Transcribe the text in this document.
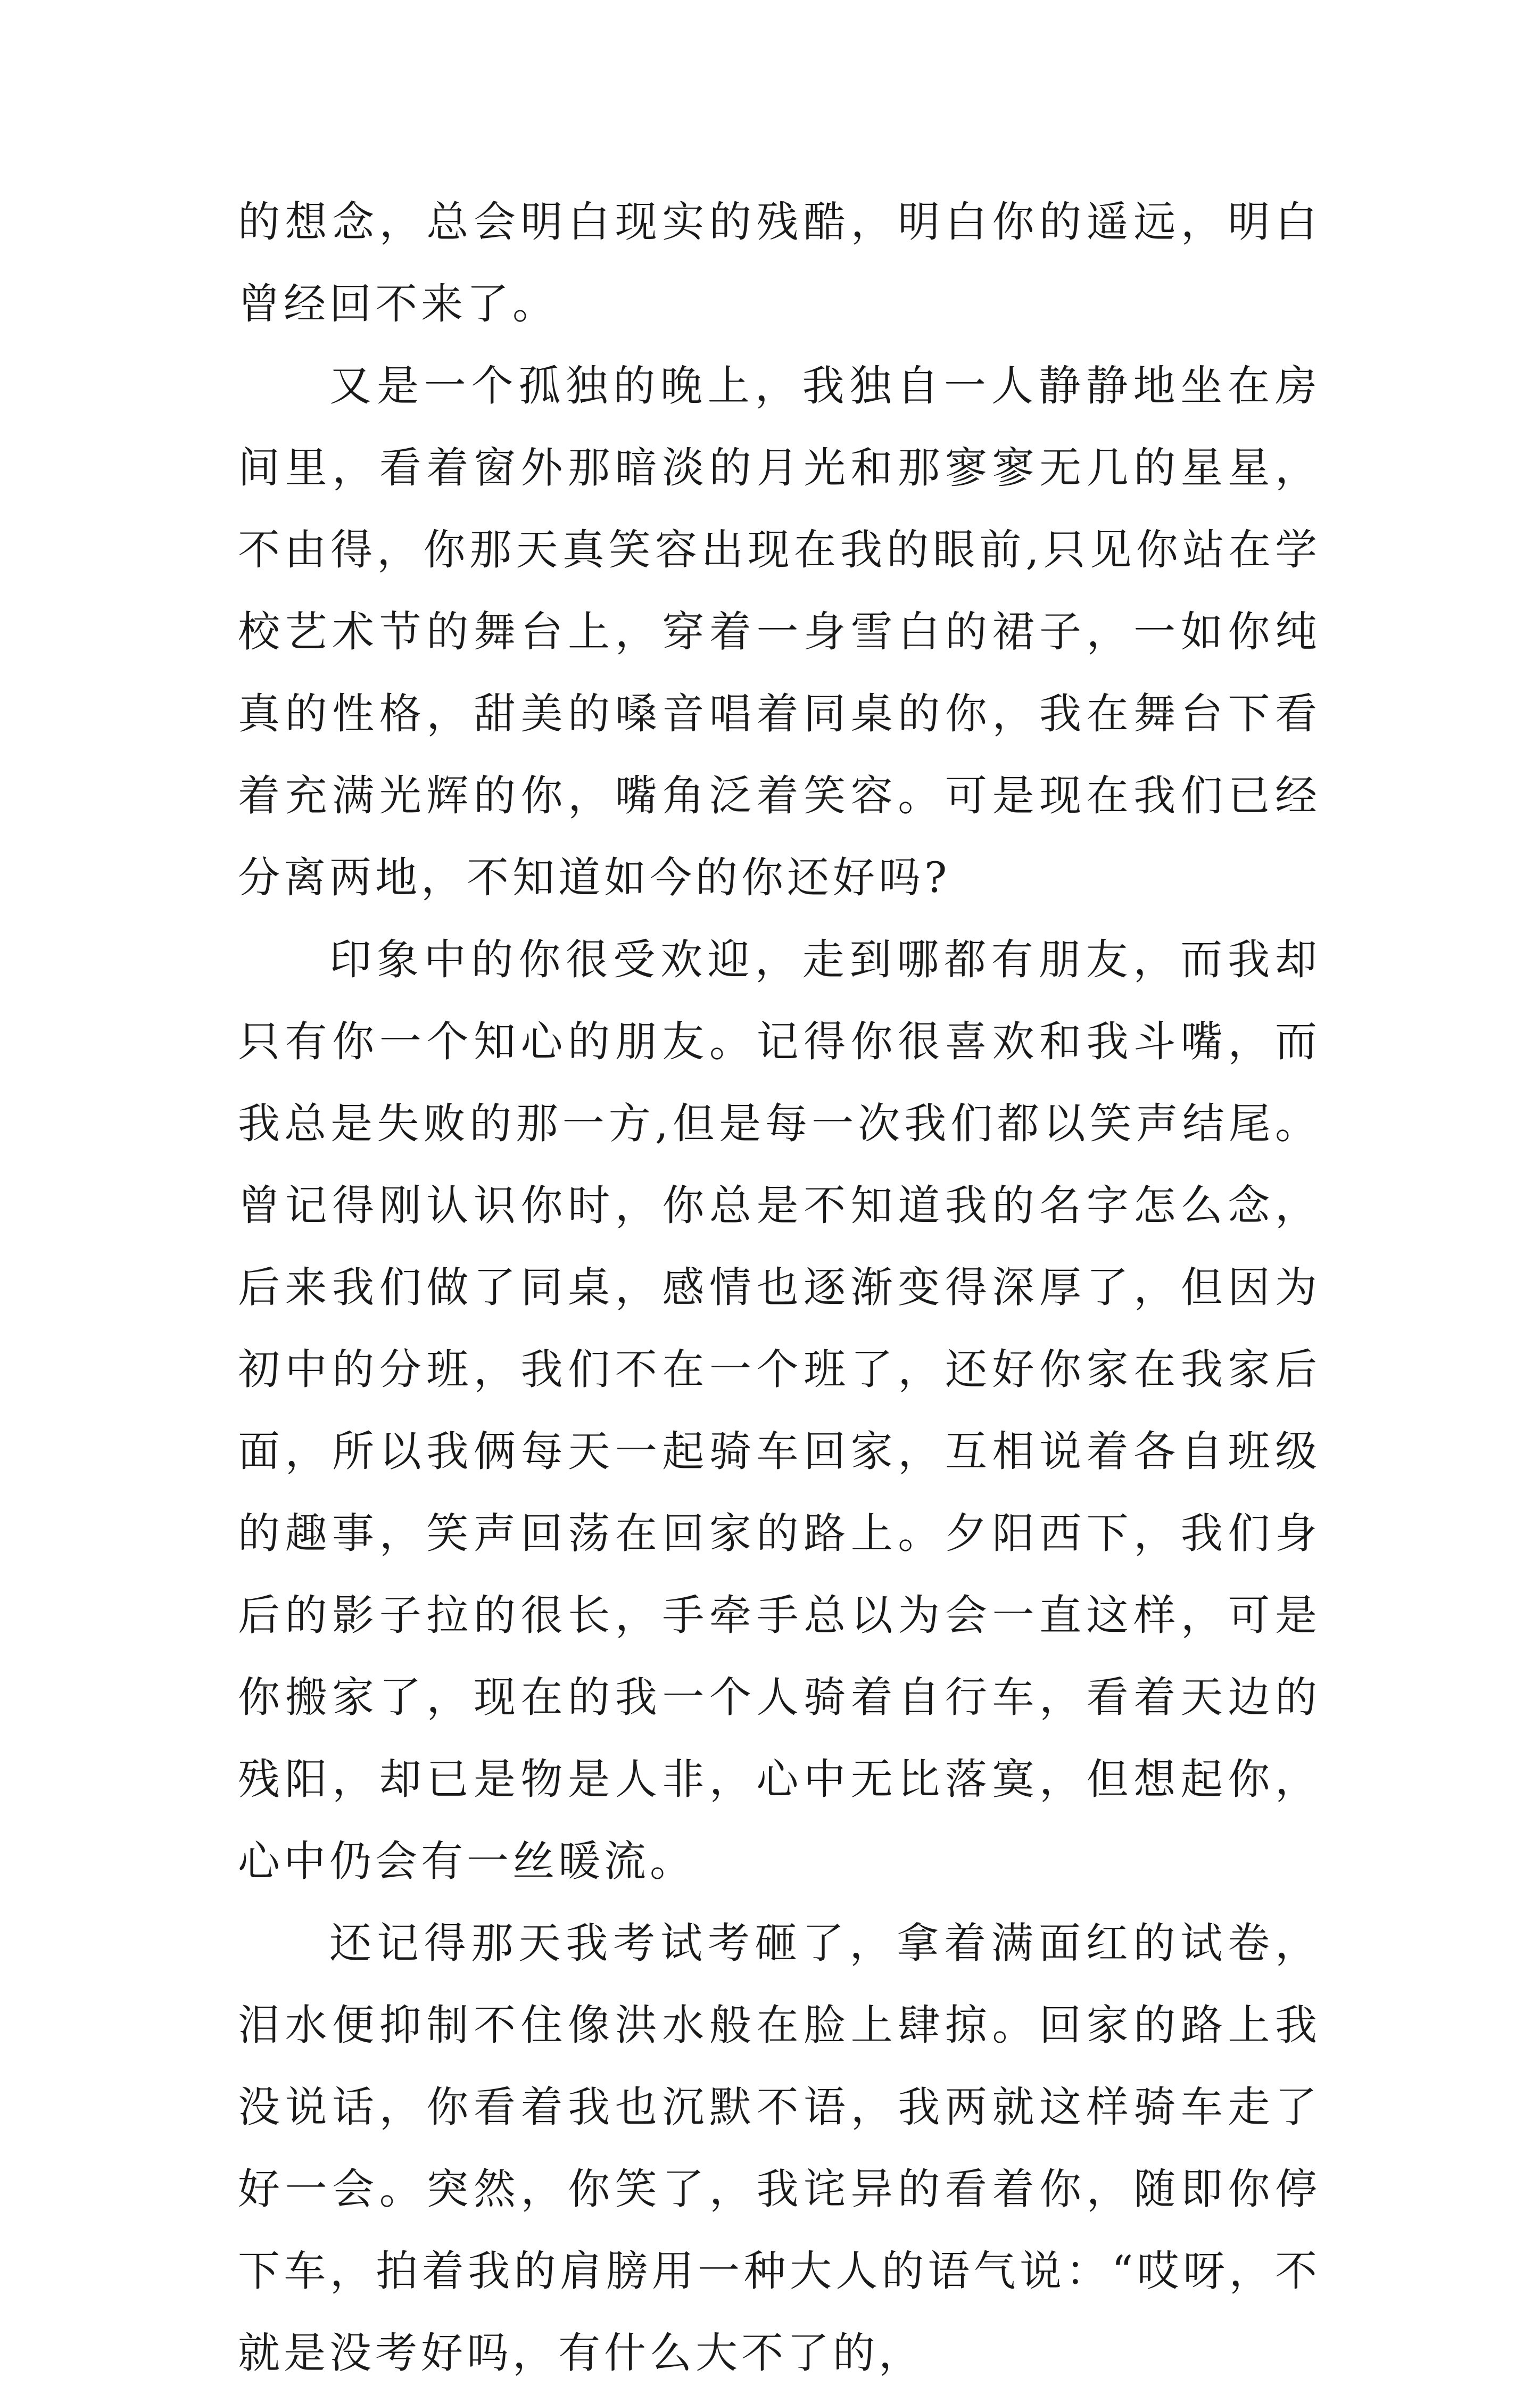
的想念，总会明白现实的残酷，明白你的遥远，明白曾经回不来了。

又是一个孤独的晚上，我独自一人静静地坐在房间里，看着窗外那暗淡的月光和那寥寥无几的星星，不由得，你那天真笑容出现在我的眼前,只见你站在学校艺术节的舞台上，穿着一身雪白的裙子，一如你纯真的性格，甜美的嗓音唱着同桌的你，我在舞台下看着充满光辉的你，嘴角泛着笑容。可是现在我们已经分离两地，不知道如今的你还好吗?

印象中的你很受欢迎，走到哪都有朋友，而我却只有你一个知心的朋友。记得你很喜欢和我斗嘴，而我总是失败的那一方,但是每一次我们都以笑声结尾。曾记得刚认识你时，你总是不知道我的名字怎么念，后来我们做了同桌，感情也逐渐变得深厚了，但因为初中的分班，我们不在一个班了，还好你家在我家后面，所以我俩每天一起骑车回家，互相说着各自班级的趣事，笑声回荡在回家的路上。夕阳西下，我们身后的影子拉的很长，手牵手总以为会一直这样，可是你搬家了，现在的我一个人骑着自行车，看着天边的残阳，却已是物是人非，心中无比落寞，但想起你，心中仍会有一丝暖流。

还记得那天我考试考砸了，拿着满面红的试卷，泪水便抑制不住像洪水般在脸上肆掠。回家的路上我没说话，你看着我也沉默不语，我两就这样骑车走了好一会。突然，你笑了，我诧异的看着你，随即你停下车，拍着我的肩膀用一种大人的语气说：“哎呀，不就是没考好吗，有什么大不了的，
